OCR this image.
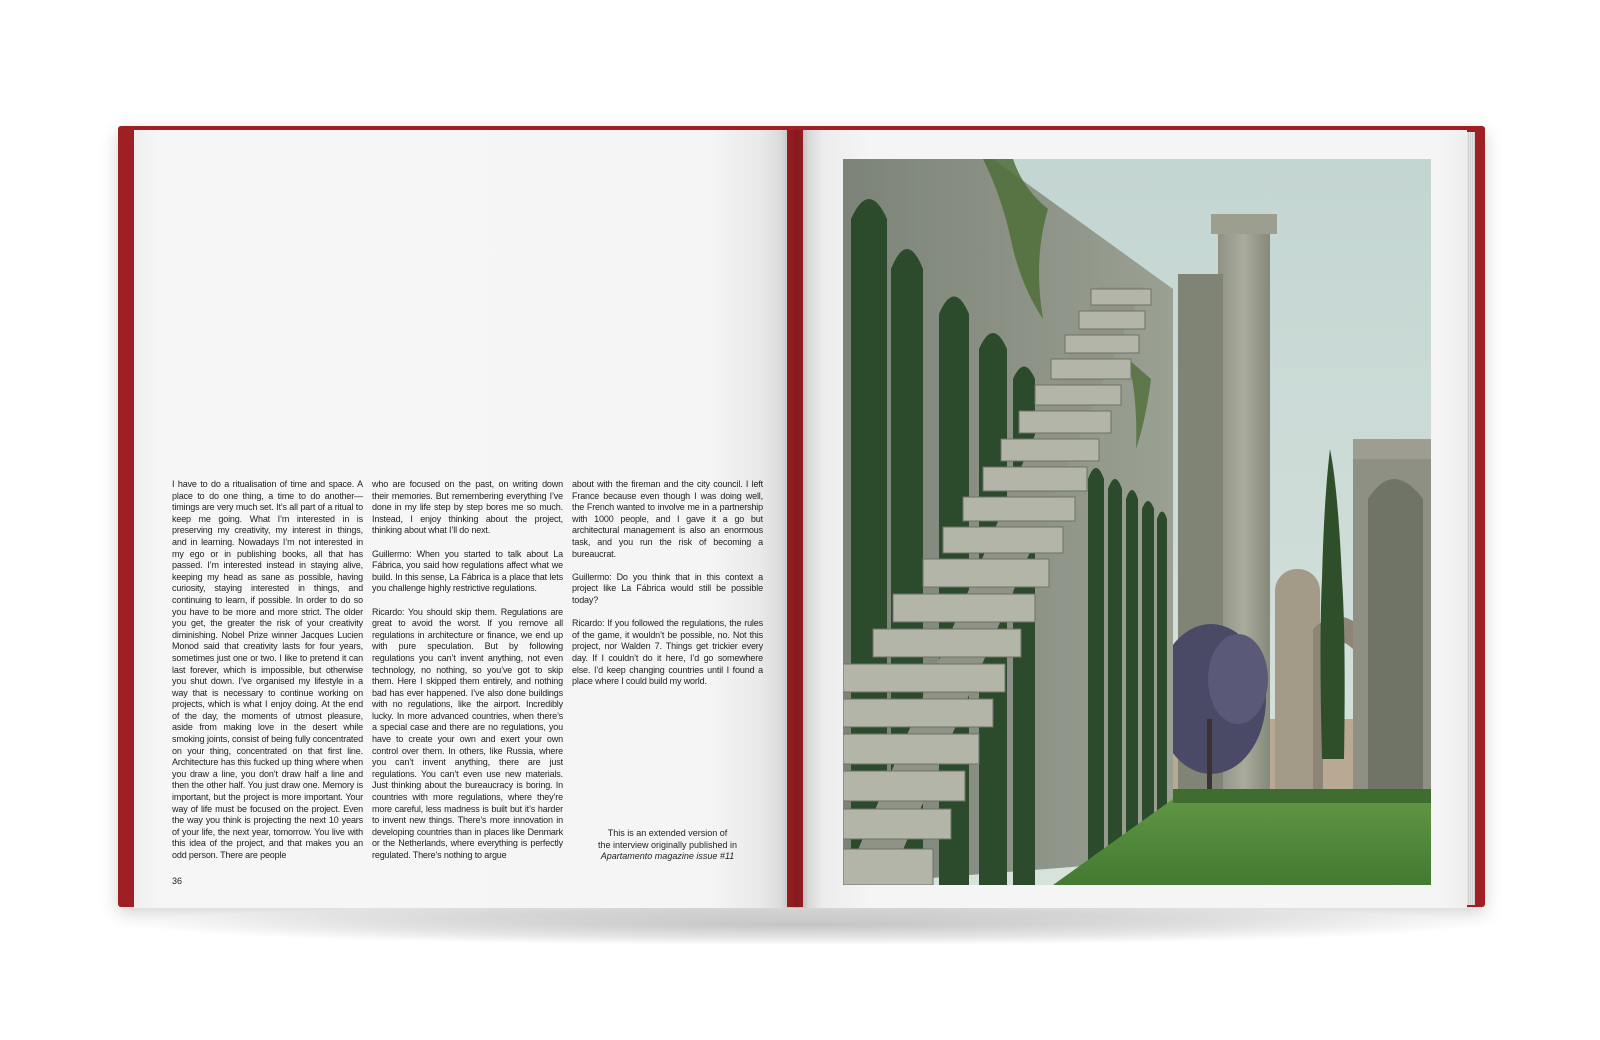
I have to do a ritualisation of time and space. A place to do one thing, a time to do another—timings are very much set. It’s all part of a ritual to keep me going. What I’m interested in is preserving my creativity, my interest in things, and in learning. Nowadays I’m not interested in my ego or in publishing books, all that has passed. I’m interested instead in staying alive, keeping my head as sane as possible, having curiosity, staying interested in things, and continuing to learn, if possible. In order to do so you have to be more and more strict. The older you get, the greater the risk of your creativity diminishing. Nobel Prize winner Jacques Lucien Monod said that creativity lasts for four years, sometimes just one or two. I like to pretend it can last forever, which is impossible, but otherwise you shut down. I’ve organised my lifestyle in a way that is necessary to continue working on projects, which is what I enjoy doing. At the end of the day, the moments of utmost pleasure, aside from making love in the desert while smoking joints, consist of being fully concentrated on your thing, concentrated on that first line. Architecture has this fucked up thing where when you draw a line, you don’t draw half a line and then the other half. You just draw one. Memory is important, but the project is more important. Your way of life must be focused on the project. Even the way you think is projecting the next 10 years of your life, the next year, tomorrow. You live with this idea of the project, and that makes you an odd person. There are people

who are focused on the past, on writing down their memories. But remembering everything I’ve done in my life step by step bores me so much. Instead, I enjoy thinking about the project, thinking about what I’ll do next.

Guillermo: When you started to talk about La Fábrica, you said how regulations affect what we build. In this sense, La Fábrica is a place that lets you challenge highly restrictive regulations.

Ricardo: You should skip them. Regulations are great to avoid the worst. If you remove all regulations in architecture or finance, we end up with pure speculation. But by following regulations you can’t invent anything, not even technology, no nothing, so you’ve got to skip them. Here I skipped them entirely, and nothing bad has ever happened. I’ve also done buildings with no regulations, like the airport. Incredibly lucky. In more advanced countries, when there’s a special case and there are no regulations, you have to create your own and exert your own control over them. In others, like Russia, where you can’t invent anything, there are just regulations. You can’t even use new materials. Just thinking about the bureaucracy is boring. In countries with more regulations, where they’re more careful, less madness is built but it’s harder to invent new things. There’s more innovation in developing countries than in places like Denmark or the Netherlands, where everything is perfectly regulated. There’s nothing to argue

about with the fireman and the city council. I left France because even though I was doing well, the French wanted to involve me in a partnership with 1000 people, and I gave it a go but architectural management is also an enormous task, and you run the risk of becoming a bureaucrat.

Guillermo: Do you think that in this context a project like La Fábrica would still be possible today?

Ricardo: If you followed the regulations, the rules of the game, it wouldn’t be possible, no. Not this project, nor Walden 7. Things get trickier every day. If I couldn’t do it here, I’d go somewhere else. I’d keep changing countries until I found a place where I could build my world.

This is an extended version of
the interview originally published in
Apartamento magazine issue #11
36
